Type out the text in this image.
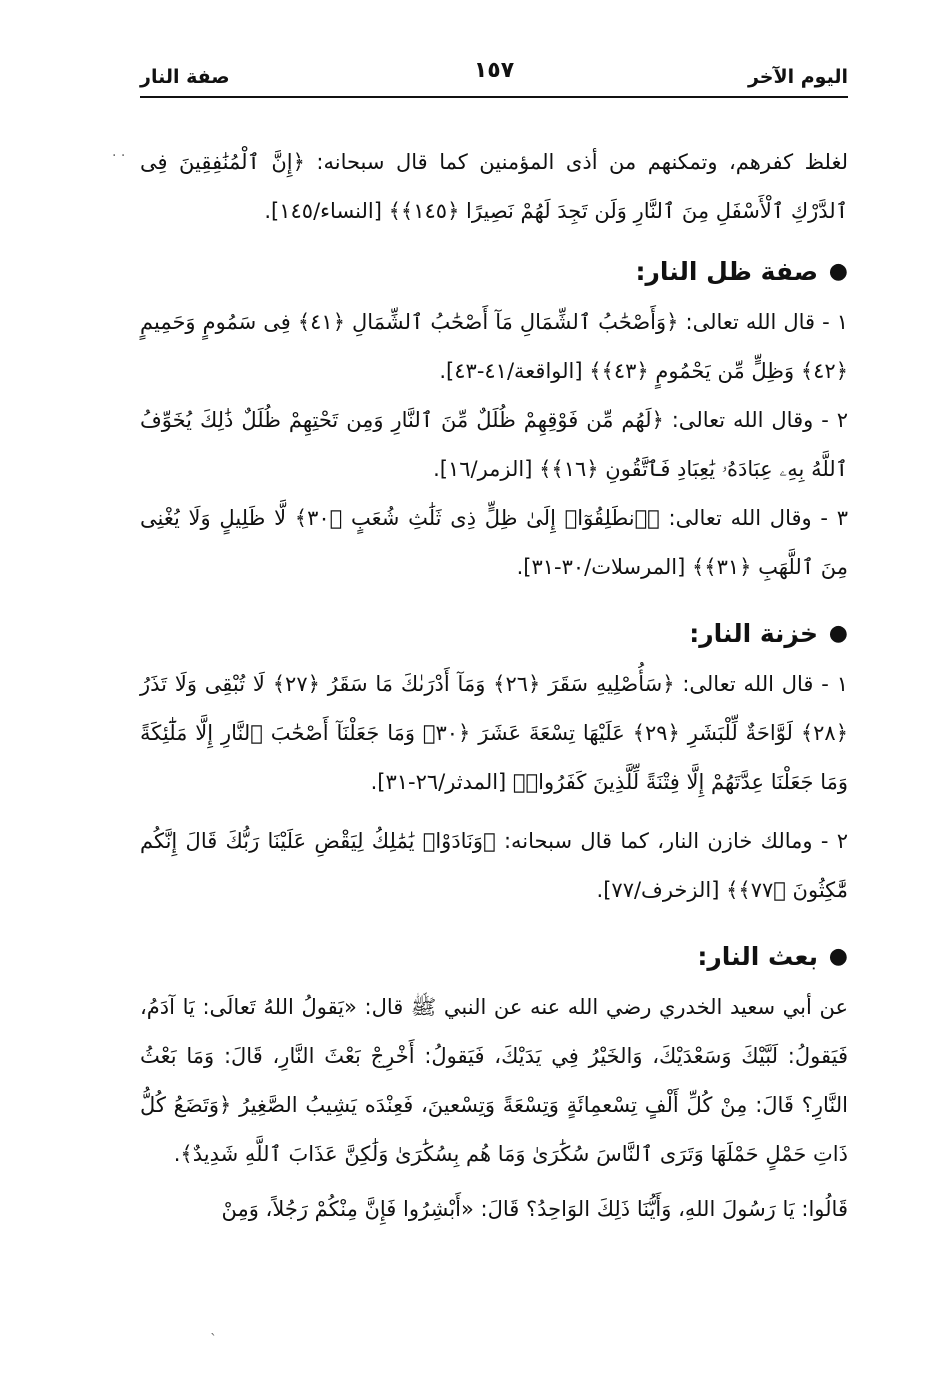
اليوم الآخر
١٥٧
صفة النار

لغلظ كفرهم، وتمكنهم من أذى المؤمنين كما قال سبحانه: ﴿إِنَّ ٱلْمُنَٰفِقِينَ فِى ٱلدَّرْكِ ٱلْأَسْفَلِ مِنَ ٱلنَّارِ وَلَن تَجِدَ لَهُمْ نَصِيرًا ﴿١٤٥﴾﴾ [النساء/١٤٥].

●
صفة ظل النار:

١ - قال الله تعالى: ﴿وَأَصْحَٰبُ ٱلشِّمَالِ مَآ أَصْحَٰبُ ٱلشِّمَالِ ﴿٤١﴾ فِى سَمُومٍ وَحَمِيمٍ ﴿٤٢﴾ وَظِلٍّ مِّن يَحْمُومٍ ﴿٤٣﴾﴾ [الواقعة/٤١-٤٣].

٢ - وقال الله تعالى: ﴿لَهُم مِّن فَوْقِهِمْ ظُلَلٌ مِّنَ ٱلنَّارِ وَمِن تَحْتِهِمْ ظُلَلٌ ذَٰلِكَ يُخَوِّفُ ٱللَّهُ بِهِۦ عِبَادَهُۥ يَٰعِبَادِ فَٱتَّقُونِ ﴿١٦﴾﴾ [الزمر/١٦].

٣ - وقال الله تعالى: ﴿ٱنطَلِقُوٓا۟ إِلَىٰ ظِلٍّ ذِى ثَلَٰثِ شُعَبٍ ﴿٣٠﴾ لَّا ظَلِيلٍ وَلَا يُغْنِى مِنَ ٱللَّهَبِ ﴿٣١﴾﴾ [المرسلات/٣٠-٣١].

●
خزنة النار:

١ - قال الله تعالى: ﴿سَأُصْلِيهِ سَقَرَ ﴿٢٦﴾ وَمَآ أَدْرَىٰكَ مَا سَقَرُ ﴿٢٧﴾ لَا تُبْقِى وَلَا تَذَرُ ﴿٢٨﴾ لَوَّاحَةٌ لِّلْبَشَرِ ﴿٢٩﴾ عَلَيْهَا تِسْعَةَ عَشَرَ ﴿٣٠﴾ وَمَا جَعَلْنَآ أَصْحَٰبَ ٱلنَّارِ إِلَّا مَلَٰٓئِكَةً وَمَا جَعَلْنَا عِدَّتَهُمْ إِلَّا فِتْنَةً لِّلَّذِينَ كَفَرُوا۟﴾ [المدثر/٢٦-٣١].

٢ - ومالك خازن النار، كما قال سبحانه: ﴿وَنَادَوْا۟ يَٰمَٰلِكُ لِيَقْضِ عَلَيْنَا رَبُّكَ قَالَ إِنَّكُم مَّٰكِثُونَ ﴿٧٧﴾﴾ [الزخرف/٧٧].

●
بعث النار:

عن أبي سعيد الخدري رضي الله عنه عن النبي ﷺ قال: «يَقولُ اللهُ تَعالَى: يَا آدَمُ، فَيَقولُ: لَبَّيْكَ وَسَعْدَيْكَ، وَالخَيْرُ فِي يَدَيْكَ، فَيَقولُ: أَخْرِجْ بَعْثَ النَّارِ، قَالَ: وَمَا بَعْثُ النَّارِ؟ قَالَ: مِنْ كُلِّ أَلْفٍ تِسْعمِائَةٍ وَتِسْعَةً وَتِسْعينَ، فَعِنْدَه يَشِيبُ الصَّغِيرُ ﴿وَتَضَعُ كُلُّ ذَاتِ حَمْلٍ حَمْلَهَا وَتَرَى ٱلنَّاسَ سُكَٰرَىٰ وَمَا هُم بِسُكَٰرَىٰ وَلَٰكِنَّ عَذَابَ ٱللَّهِ شَدِيدٌ﴾.

قَالُوا: يَا رَسُولَ اللهِ، وَأَيُّنَا ذَلِكَ الوَاحِدُ؟ قَالَ: «أَبْشِرُوا فَإِنَّ مِنْكُمْ رَجُلاً، وَمِنْ

· ·
ˎ
